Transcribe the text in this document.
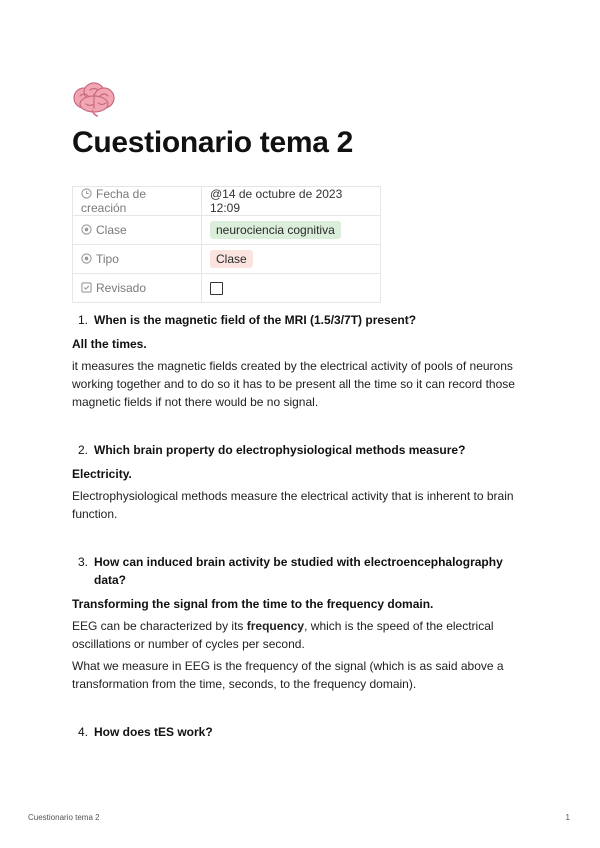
Cuestionario tema 2
Fecha de creación	@14 de octubre de 2023 12:09
Clase	neurociencia cognitiva
Tipo	Clase
Revisado	
1. When is the magnetic field of the MRI (1.5/3/7T) present?
All the times.

it measures the magnetic fields created by the electrical activity of pools of neurons working together and to do so it has to be present all the time so it can record those magnetic fields if not there would be no signal.

2. Which brain property do electrophysiological methods measure?
Electricity.

Electrophysiological methods measure the electrical activity that is inherent to brain function.

3. How can induced brain activity be studied with electroencephalography data?
Transforming the signal from the time to the frequency domain.

EEG can be characterized by its frequency, which is the speed of the electrical oscillations or number of cycles per second.

What we measure in EEG is the frequency of the signal (which is as said above a transformation from the time, seconds, to the frequency domain).

4. How does tES work?
Cuestionario tema 2	1
